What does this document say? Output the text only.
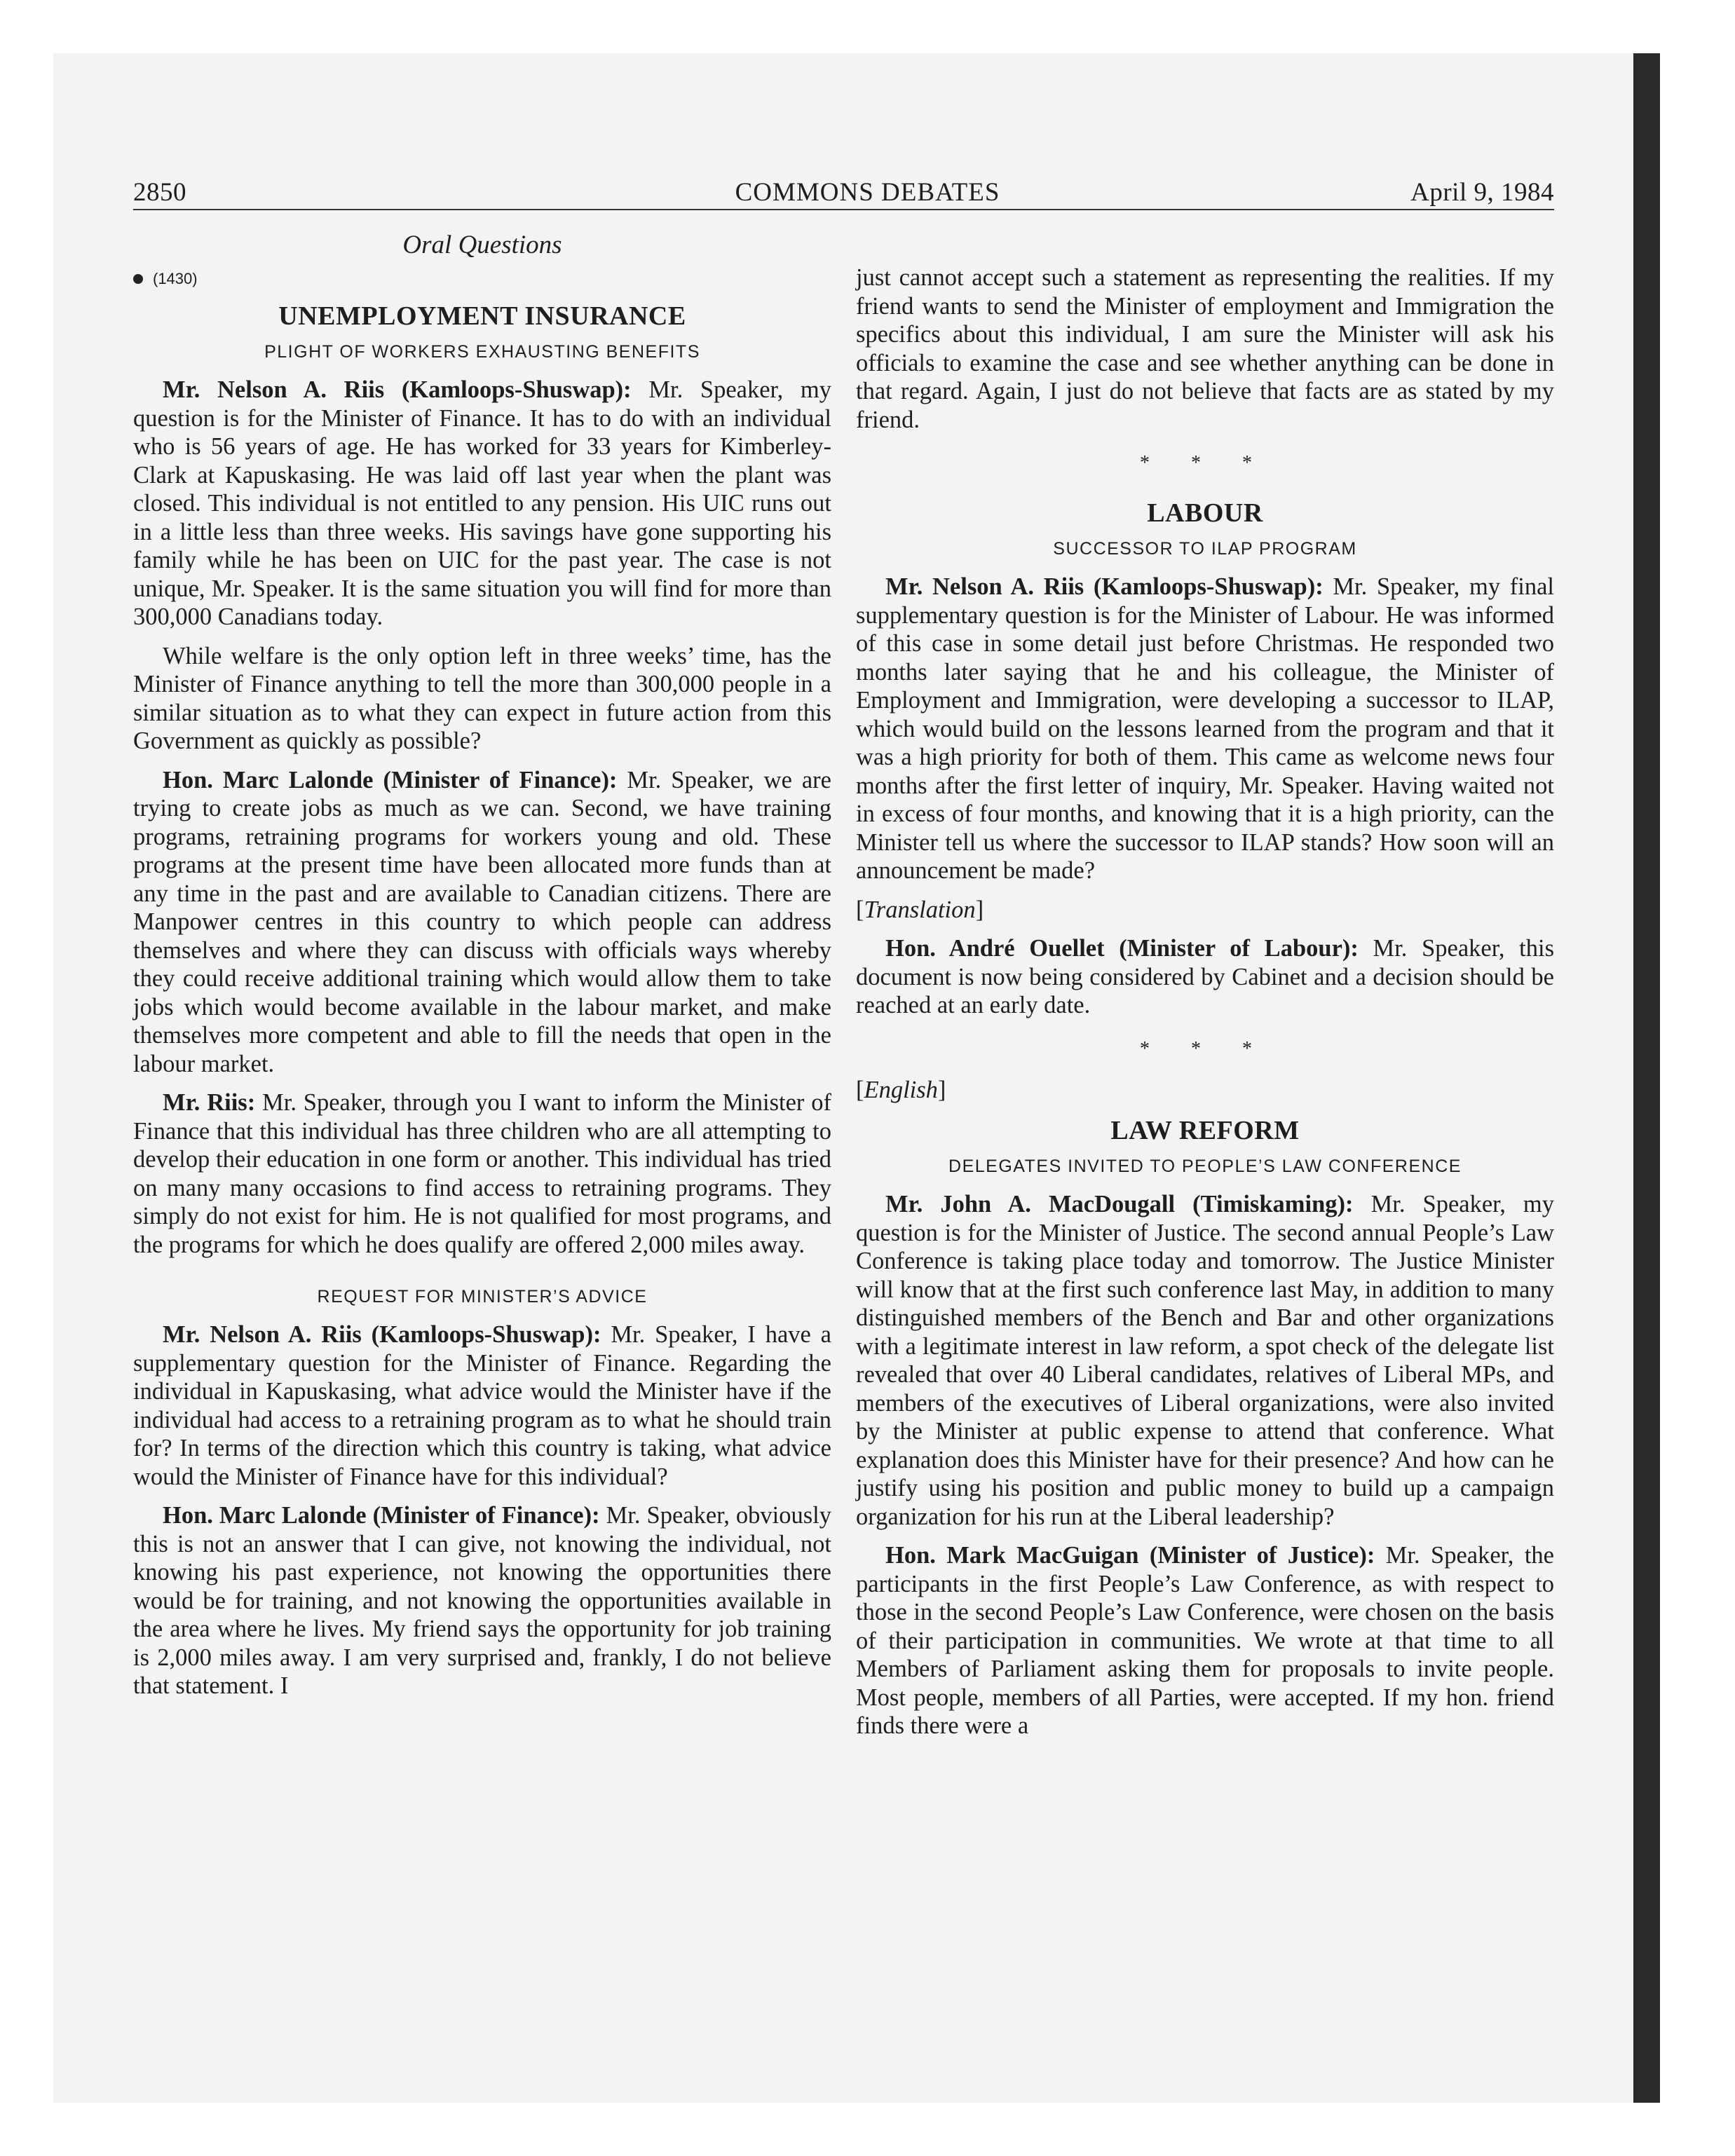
2850	COMMONS DEBATES	April 9, 1984
Oral Questions
(1430)
UNEMPLOYMENT INSURANCE
PLIGHT OF WORKERS EXHAUSTING BENEFITS

Mr. Nelson A. Riis (Kamloops-Shuswap): Mr. Speaker, my question is for the Minister of Finance. It has to do with an individual who is 56 years of age. He has worked for 33 years for Kimberley-Clark at Kapuskasing. He was laid off last year when the plant was closed. This individual is not entitled to any pension. His UIC runs out in a little less than three weeks. His savings have gone supporting his family while he has been on UIC for the past year. The case is not unique, Mr. Speaker. It is the same situation you will find for more than 300,000 Canadians today.

While welfare is the only option left in three weeks’ time, has the Minister of Finance anything to tell the more than 300,000 people in a similar situation as to what they can expect in future action from this Government as quickly as possible?

Hon. Marc Lalonde (Minister of Finance): Mr. Speaker, we are trying to create jobs as much as we can. Second, we have training programs, retraining programs for workers young and old. These programs at the present time have been allocated more funds than at any time in the past and are available to Canadian citizens. There are Manpower centres in this country to which people can address themselves and where they can discuss with officials ways whereby they could receive additional training which would allow them to take jobs which would become available in the labour market, and make themselves more competent and able to fill the needs that open in the labour market.

Mr. Riis: Mr. Speaker, through you I want to inform the Minister of Finance that this individual has three children who are all attempting to develop their education in one form or another. This individual has tried on many many occasions to find access to retraining programs. They simply do not exist for him. He is not qualified for most programs, and the programs for which he does qualify are offered 2,000 miles away.

REQUEST FOR MINISTER’S ADVICE

Mr. Nelson A. Riis (Kamloops-Shuswap): Mr. Speaker, I have a supplementary question for the Minister of Finance. Regarding the individual in Kapuskasing, what advice would the Minister have if the individual had access to a retraining program as to what he should train for? In terms of the direction which this country is taking, what advice would the Minister of Finance have for this individual?

Hon. Marc Lalonde (Minister of Finance): Mr. Speaker, obviously this is not an answer that I can give, not knowing the individual, not knowing his past experience, not knowing the opportunities there would be for training, and not knowing the opportunities available in the area where he lives. My friend says the opportunity for job training is 2,000 miles away. I am very surprised and, frankly, I do not believe that statement. I

just cannot accept such a statement as representing the realities. If my friend wants to send the Minister of employment and Immigration the specifics about this individual, I am sure the Minister will ask his officials to examine the case and see whether anything can be done in that regard. Again, I just do not believe that facts are as stated by my friend.

* * *
LABOUR
SUCCESSOR TO ILAP PROGRAM

Mr. Nelson A. Riis (Kamloops-Shuswap): Mr. Speaker, my final supplementary question is for the Minister of Labour. He was informed of this case in some detail just before Christmas. He responded two months later saying that he and his colleague, the Minister of Employment and Immigration, were developing a successor to ILAP, which would build on the lessons learned from the program and that it was a high priority for both of them. This came as welcome news four months after the first letter of inquiry, Mr. Speaker. Having waited not in excess of four months, and knowing that it is a high priority, can the Minister tell us where the successor to ILAP stands? How soon will an announcement be made?

[Translation]

Hon. André Ouellet (Minister of Labour): Mr. Speaker, this document is now being considered by Cabinet and a decision should be reached at an early date.

* * *

[English]

LAW REFORM
DELEGATES INVITED TO PEOPLE’S LAW CONFERENCE

Mr. John A. MacDougall (Timiskaming): Mr. Speaker, my question is for the Minister of Justice. The second annual People’s Law Conference is taking place today and tomorrow. The Justice Minister will know that at the first such conference last May, in addition to many distinguished members of the Bench and Bar and other organizations with a legitimate interest in law reform, a spot check of the delegate list revealed that over 40 Liberal candidates, relatives of Liberal MPs, and members of the executives of Liberal organizations, were also invited by the Minister at public expense to attend that conference. What explanation does this Minister have for their presence? And how can he justify using his position and public money to build up a campaign organization for his run at the Liberal leadership?

Hon. Mark MacGuigan (Minister of Justice): Mr. Speaker, the participants in the first People’s Law Conference, as with respect to those in the second People’s Law Conference, were chosen on the basis of their participation in communities. We wrote at that time to all Members of Parliament asking them for proposals to invite people. Most people, members of all Parties, were accepted. If my hon. friend finds there were a
